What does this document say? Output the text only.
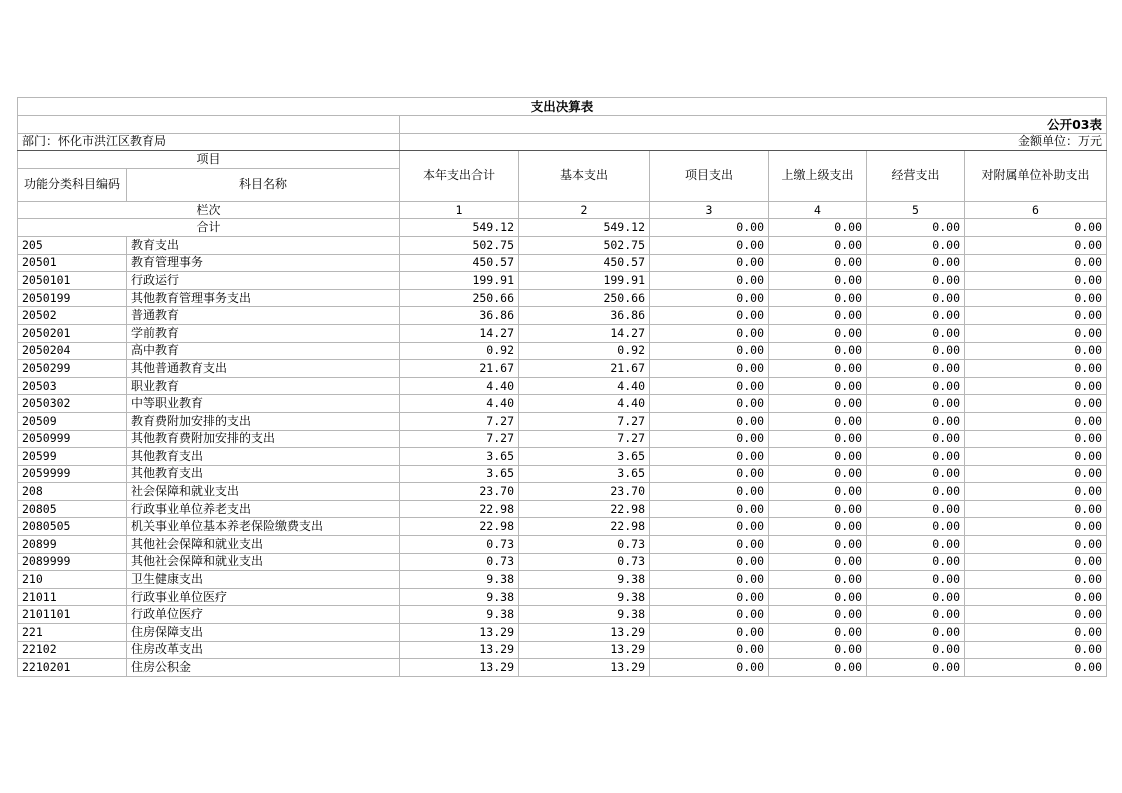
支出决算表							
		公开03表					
部门：怀化市洪江区教育局		金额单位：万元					
项目		本年支出合计	基本支出	项目支出	上缴上级支出	经营支出	对附属单位补助支出
功能分类科目编码	科目名称						
栏次		1	2	3	4	5	6
合计		549.12	549.12	0.00	0.00	0.00	0.00
205	教育支出	502.75	502.75	0.00	0.00	0.00	0.00
20501	教育管理事务	450.57	450.57	0.00	0.00	0.00	0.00
2050101	行政运行	199.91	199.91	0.00	0.00	0.00	0.00
2050199	其他教育管理事务支出	250.66	250.66	0.00	0.00	0.00	0.00
20502	普通教育	36.86	36.86	0.00	0.00	0.00	0.00
2050201	学前教育	14.27	14.27	0.00	0.00	0.00	0.00
2050204	高中教育	0.92	0.92	0.00	0.00	0.00	0.00
2050299	其他普通教育支出	21.67	21.67	0.00	0.00	0.00	0.00
20503	职业教育	4.40	4.40	0.00	0.00	0.00	0.00
2050302	中等职业教育	4.40	4.40	0.00	0.00	0.00	0.00
20509	教育费附加安排的支出	7.27	7.27	0.00	0.00	0.00	0.00
2050999	其他教育费附加安排的支出	7.27	7.27	0.00	0.00	0.00	0.00
20599	其他教育支出	3.65	3.65	0.00	0.00	0.00	0.00
2059999	其他教育支出	3.65	3.65	0.00	0.00	0.00	0.00
208	社会保障和就业支出	23.70	23.70	0.00	0.00	0.00	0.00
20805	行政事业单位养老支出	22.98	22.98	0.00	0.00	0.00	0.00
2080505	机关事业单位基本养老保险缴费支出	22.98	22.98	0.00	0.00	0.00	0.00
20899	其他社会保障和就业支出	0.73	0.73	0.00	0.00	0.00	0.00
2089999	其他社会保障和就业支出	0.73	0.73	0.00	0.00	0.00	0.00
210	卫生健康支出	9.38	9.38	0.00	0.00	0.00	0.00
21011	行政事业单位医疗	9.38	9.38	0.00	0.00	0.00	0.00
2101101	行政单位医疗	9.38	9.38	0.00	0.00	0.00	0.00
221	住房保障支出	13.29	13.29	0.00	0.00	0.00	0.00
22102	住房改革支出	13.29	13.29	0.00	0.00	0.00	0.00
2210201	住房公积金	13.29	13.29	0.00	0.00	0.00	0.00
